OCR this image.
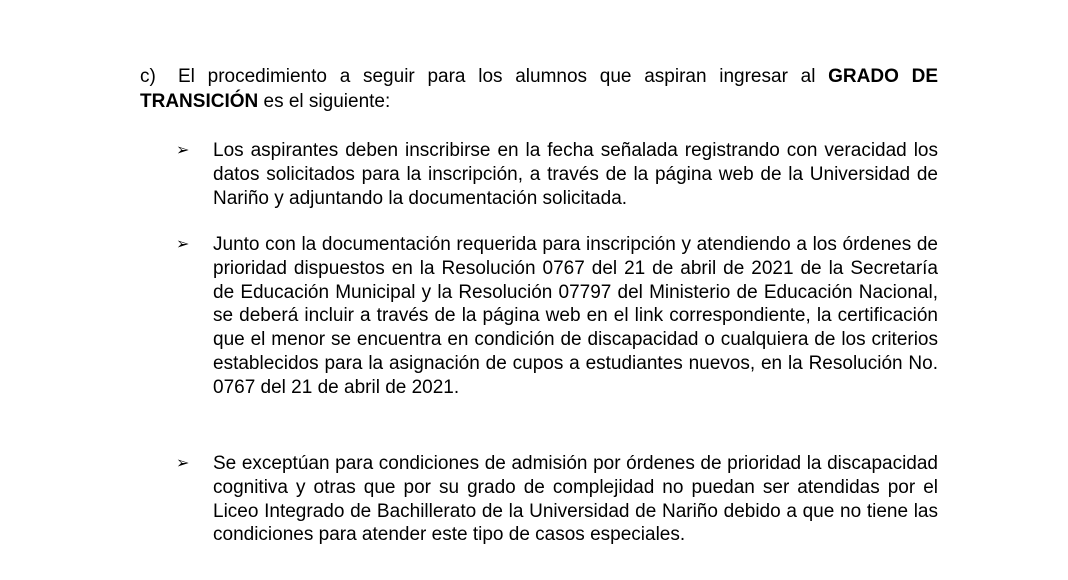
c) El procedimiento a seguir para los alumnos que aspiran ingresar al GRADO DE TRANSICIÓN es el siguiente:

➢	Los aspirantes deben inscribirse en la fecha señalada registrando con veracidad los datos solicitados para la inscripción, a través de la página web de la Universidad de Nariño y adjuntando la documentación solicitada.

➢	Junto con la documentación requerida para inscripción y atendiendo a los órdenes de prioridad dispuestos en la Resolución 0767 del 21 de abril de 2021 de la Secretaría de Educación Municipal y la Resolución 07797 del Ministerio de Educación Nacional, se deberá incluir a través de la página web en el link correspondiente, la certificación que el menor se encuentra en condición de discapacidad o cualquiera de los criterios establecidos para la asignación de cupos a estudiantes nuevos, en la Resolución No. 0767 del 21 de abril de 2021.

➢	Se exceptúan para condiciones de admisión por órdenes de prioridad la discapacidad cognitiva y otras que por su grado de complejidad no puedan ser atendidas por el Liceo Integrado de Bachillerato de la Universidad de Nariño debido a que no tiene las condiciones para atender este tipo de casos especiales.
